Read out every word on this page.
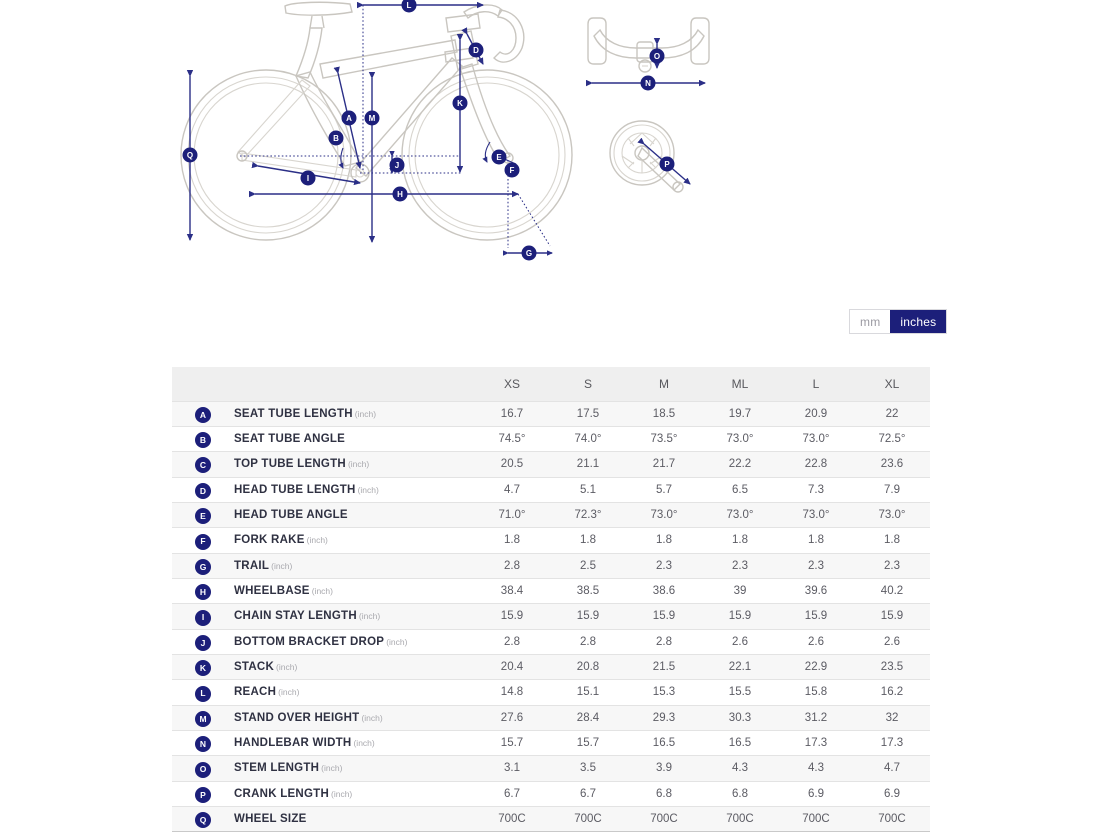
Q
L
M
A
B
I
J
H
K
D
E
F
G
O
N
P
mm	inches
		XS	S	M	ML	L	XL
A	SEAT TUBE LENGTH (inch)	16.7	17.5	18.5	19.7	20.9	22
B	SEAT TUBE ANGLE	74.5°	74.0°	73.5°	73.0°	73.0°	72.5°
C	TOP TUBE LENGTH (inch)	20.5	21.1	21.7	22.2	22.8	23.6
D	HEAD TUBE LENGTH (inch)	4.7	5.1	5.7	6.5	7.3	7.9
E	HEAD TUBE ANGLE	71.0°	72.3°	73.0°	73.0°	73.0°	73.0°
F	FORK RAKE (inch)	1.8	1.8	1.8	1.8	1.8	1.8
G	TRAIL (inch)	2.8	2.5	2.3	2.3	2.3	2.3
H	WHEELBASE (inch)	38.4	38.5	38.6	39	39.6	40.2
I	CHAIN STAY LENGTH (inch)	15.9	15.9	15.9	15.9	15.9	15.9
J	BOTTOM BRACKET DROP (inch)	2.8	2.8	2.8	2.6	2.6	2.6
K	STACK (inch)	20.4	20.8	21.5	22.1	22.9	23.5
L	REACH (inch)	14.8	15.1	15.3	15.5	15.8	16.2
M	STAND OVER HEIGHT (inch)	27.6	28.4	29.3	30.3	31.2	32
N	HANDLEBAR WIDTH (inch)	15.7	15.7	16.5	16.5	17.3	17.3
O	STEM LENGTH (inch)	3.1	3.5	3.9	4.3	4.3	4.7
P	CRANK LENGTH (inch)	6.7	6.7	6.8	6.8	6.9	6.9
Q	WHEEL SIZE	700C	700C	700C	700C	700C	700C
